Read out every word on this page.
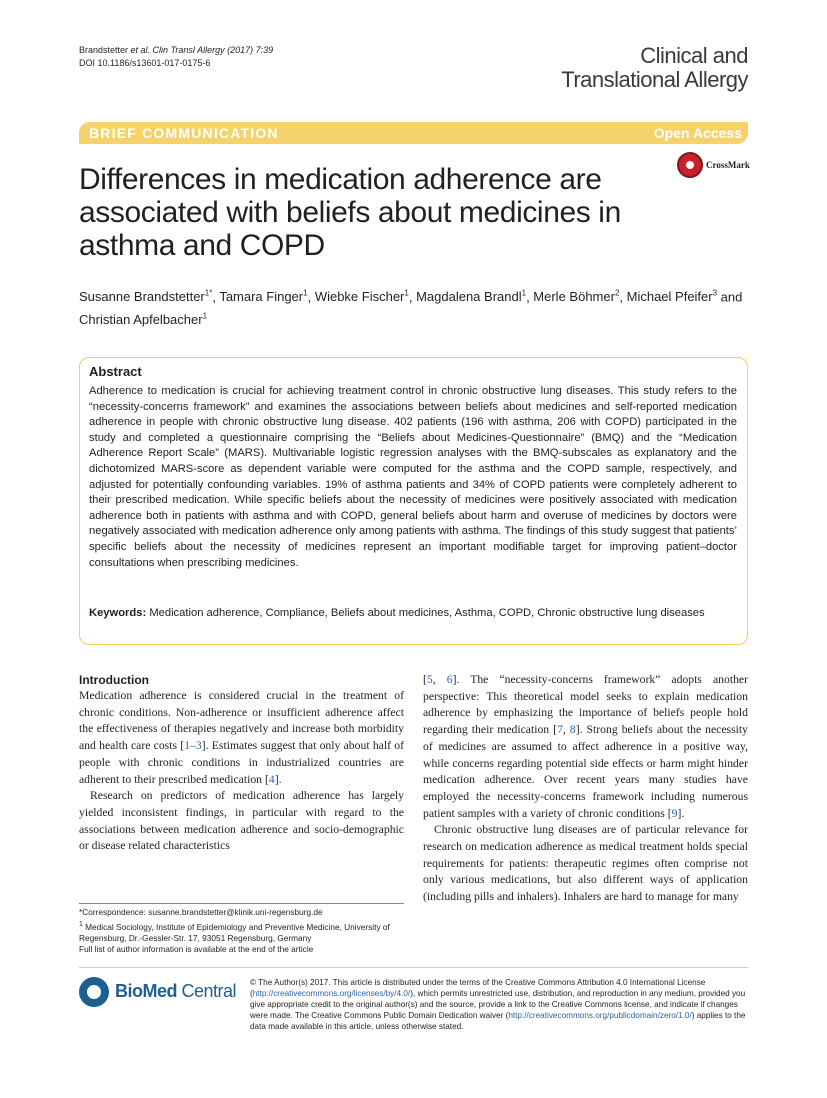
Brandstetter et al. Clin Transl Allergy (2017) 7:39
DOI 10.1186/s13601-017-0175-6	Clinical and
Translational Allergy
BRIEF COMMUNICATION	Open Access
CrossMark
Differences in medication adherence are associated with beliefs about medicines in asthma and COPD
Susanne Brandstetter$^{1*}$, Tamara Finger$^1$, Wiebke Fischer$^1$, Magdalena Brandl$^1$, Merle Böhmer$^2$, Michael Pfeifer$^3$ and Christian Apfelbacher$^1$
Abstract
Adherence to medication is crucial for achieving treatment control in chronic obstructive lung diseases. This study refers to the “necessity-concerns framework” and examines the associations between beliefs about medicines and self-reported medication adherence in people with chronic obstructive lung disease. 402 patients (196 with asthma, 206 with COPD) participated in the study and completed a questionnaire comprising the “Beliefs about Medicines-Questionnaire” (BMQ) and the “Medication Adherence Report Scale” (MARS). Multivariable logistic regression analyses with the BMQ-subscales as explanatory and the dichotomized MARS-score as dependent variable were computed for the asthma and the COPD sample, respectively, and adjusted for potentially confounding variables. 19% of asthma patients and 34% of COPD patients were completely adherent to their prescribed medication. While specific beliefs about the necessity of medicines were positively associated with medication adherence both in patients with asthma and with COPD, general beliefs about harm and overuse of medicines by doctors were negatively associated with medication adherence only among patients with asthma. The findings of this study suggest that patients’ specific beliefs about the necessity of medicines represent an important modifiable target for improving patient–doctor consultations when prescribing medicines.
Keywords: Medication adherence, Compliance, Beliefs about medicines, Asthma, COPD, Chronic obstructive lung diseases
Introduction

Medication adherence is considered crucial in the treatment of chronic conditions. Non-adherence or insufficient adherence affect the effectiveness of therapies negatively and increase both morbidity and health care costs [1–3]. Estimates suggest that only about half of people with chronic conditions in industrialized countries are adherent to their prescribed medication [4].

Research on predictors of medication adherence has largely yielded inconsistent findings, in particular with regard to the associations between medication adherence and socio-demographic or disease related characteristics

[5, 6]. The “necessity-concerns framework” adopts another perspective: This theoretical model seeks to explain medication adherence by emphasizing the importance of beliefs people hold regarding their medication [7, 8]. Strong beliefs about the necessity of medicines are assumed to affect adherence in a positive way, while concerns regarding potential side effects or harm might hinder medication adherence. Over recent years many studies have employed the necessity-concerns framework including numerous patient samples with a variety of chronic conditions [9].

Chronic obstructive lung diseases are of particular relevance for research on medication adherence as medical treatment holds special requirements for patients: therapeutic regimes often comprise not only various medications, but also different ways of application (including pills and inhalers). Inhalers are hard to manage for many

*Correspondence: susanne.brandstetter@klinik.uni-regensburg.de

$^1$ Medical Sociology, Institute of Epidemiology and Preventive Medicine, University of Regensburg, Dr.-Gessler-Str. 17, 93051 Regensburg, Germany

Full list of author information is available at the end of the article

BioMed Central © The Author(s) 2017. This article is distributed under the terms of the Creative Commons Attribution 4.0 International License (http://creativecommons.org/licenses/by/4.0/), which permits unrestricted use, distribution, and reproduction in any medium, provided you give appropriate credit to the original author(s) and the source, provide a link to the Creative Commons license, and indicate if changes were made. The Creative Commons Public Domain Dedication waiver (http://creativecommons.org/publicdomain/zero/1.0/) applies to the data made available in this article, unless otherwise stated.
